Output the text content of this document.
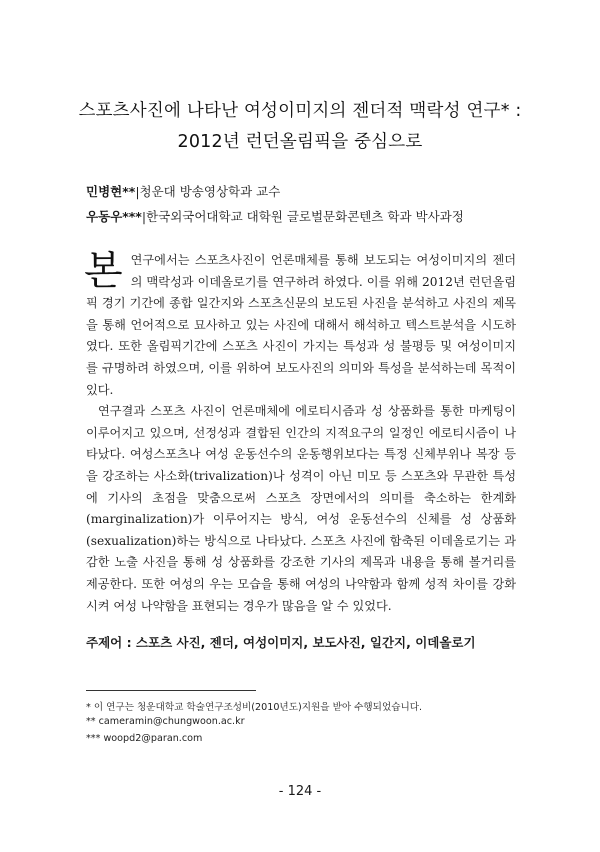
스포츠사진에 나타난 여성이미지의 젠더적 맥락성 연구* :
2012년 런던올림픽을 중심으로
민병현**|청운대 방송영상학과 교수
우동우***|한국외국어대학교 대학원 글로벌문화콘텐츠 학과 박사과정
본 연구에서는 스포츠사진이 언론매체를 통해 보도되는 여성이미지의 젠더의 맥락성과 이데올로기를 연구하려 하였다. 이를 위해 2012년 런던올림픽 경기 기간에 종합 일간지와 스포츠신문의 보도된 사진을 분석하고 사진의 제목을 통해 언어적으로 묘사하고 있는 사진에 대해서 해석하고 텍스트분석을 시도하였다. 또한 올림픽기간에 스포츠 사진이 가지는 특성과 성 불평등 및 여성이미지를 규명하려 하였으며, 이를 위하여 보도사진의 의미와 특성을 분석하는데 목적이 있다.

연구결과 스포츠 사진이 언론매체에 에로티시즘과 성 상품화를 통한 마케팅이 이루어지고 있으며, 선정성과 결합된 인간의 지적요구의 일정인 에로티시즘이 나타났다. 여성스포츠나 여성 운동선수의 운동행위보다는 특정 신체부위나 복장 등을 강조하는 사소화(trivalization)나 성격이 아닌 미모 등 스포츠와 무관한 특성에 기사의 초점을 맞춤으로써 스포츠 장면에서의 의미를 축소하는 한계화(marginalization)가 이루어지는 방식, 여성 운동선수의 신체를 성 상품화(sexualization)하는 방식으로 나타났다. 스포츠 사진에 함축된 이데올로기는 과감한 노출 사진을 통해 성 상품화를 강조한 기사의 제목과 내용을 통해 볼거리를 제공한다. 또한 여성의 우는 모습을 통해 여성의 나약함과 함께 성적 차이를 강화시켜 여성 나약함을 표현되는 경우가 많음을 알 수 있었다.

주제어 : 스포츠 사진, 젠더, 여성이미지, 보도사진, 일간지, 이데올로기
* 이 연구는 청운대학교 학술연구조성비(2010년도)지원을 받아 수행되었습니다.
** cameramin@chungwoon.ac.kr
*** woopd2@paran.com
- 124 -
